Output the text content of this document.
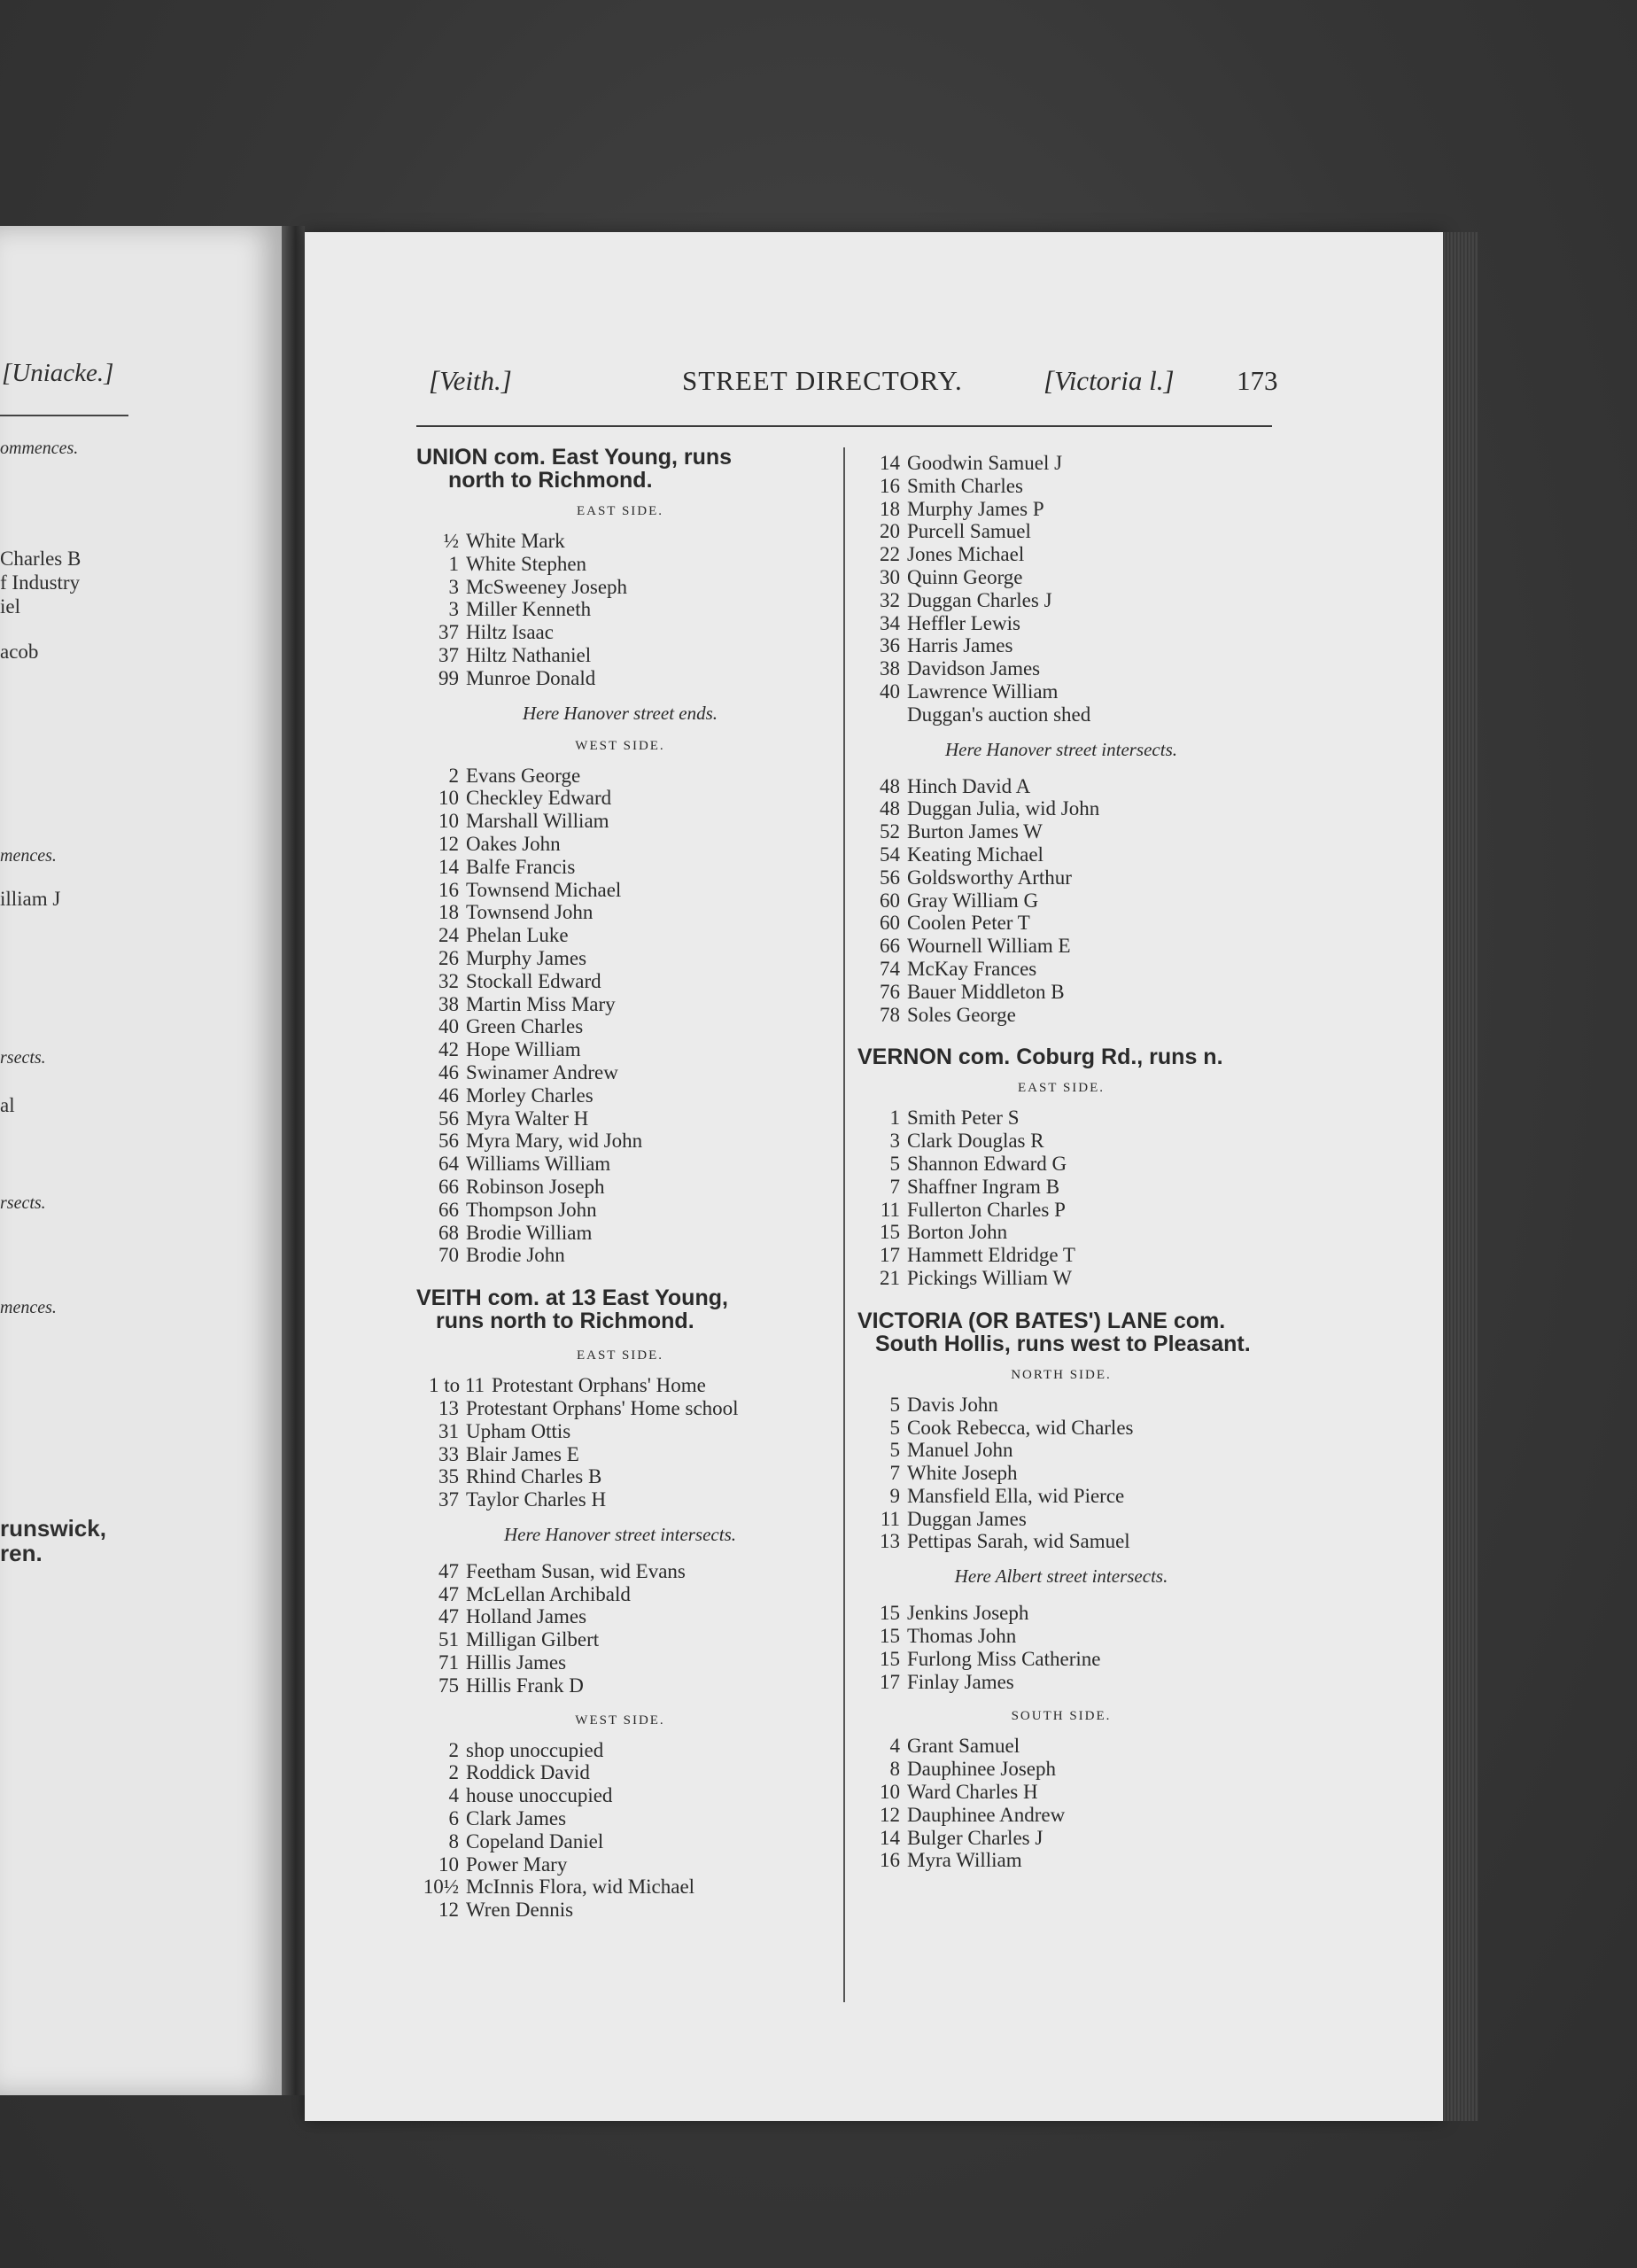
[Uniacke.]
ommences.
Charles B
f Industry
iel
acob
mences.
illiam J
rsects.
al
rsects.
mences.
runswick,
ren.
[Veith.]	STREET DIRECTORY.	[Victoria l.] 173
UNION com. East Young, runs
north to Richmond.
EAST SIDE.
½ White Mark
1 White Stephen
3 McSweeney Joseph
3 Miller Kenneth
37 Hiltz Isaac
37 Hiltz Nathaniel
99 Munroe Donald
Here Hanover street ends.
WEST SIDE.
2 Evans George
10 Checkley Edward
10 Marshall William
12 Oakes John
14 Balfe Francis
16 Townsend Michael
18 Townsend John
24 Phelan Luke
26 Murphy James
32 Stockall Edward
38 Martin Miss Mary
40 Green Charles
42 Hope William
46 Swinamer Andrew
46 Morley Charles
56 Myra Walter H
56 Myra Mary, wid John
64 Williams William
66 Robinson Joseph
66 Thompson John
68 Brodie William
70 Brodie John
VEITH com. at 13 East Young,
runs north to Richmond.
EAST SIDE.
1 to 11 Protestant Orphans' Home
13 Protestant Orphans' Home school
31 Upham Ottis
33 Blair James E
35 Rhind Charles B
37 Taylor Charles H
Here Hanover street intersects.
47 Feetham Susan, wid Evans
47 McLellan Archibald
47 Holland James
51 Milligan Gilbert
71 Hillis James
75 Hillis Frank D
WEST SIDE.
2 shop unoccupied
2 Roddick David
4 house unoccupied
6 Clark James
8 Copeland Daniel
10 Power Mary
10½ McInnis Flora, wid Michael
12 Wren Dennis
14 Goodwin Samuel J
16 Smith Charles
18 Murphy James P
20 Purcell Samuel
22 Jones Michael
30 Quinn George
32 Duggan Charles J
34 Heffler Lewis
36 Harris James
38 Davidson James
40 Lawrence William
Duggan's auction shed
Here Hanover street intersects.
48 Hinch David A
48 Duggan Julia, wid John
52 Burton James W
54 Keating Michael
56 Goldsworthy Arthur
60 Gray William G
60 Coolen Peter T
66 Wournell William E
74 McKay Frances
76 Bauer Middleton B
78 Soles George
VERNON com. Coburg Rd., runs n.
EAST SIDE.
1 Smith Peter S
3 Clark Douglas R
5 Shannon Edward G
7 Shaffner Ingram B
11 Fullerton Charles P
15 Borton John
17 Hammett Eldridge T
21 Pickings William W
VICTORIA (OR BATES') LANE com.
South Hollis, runs west to Pleasant.
NORTH SIDE.
5 Davis John
5 Cook Rebecca, wid Charles
5 Manuel John
7 White Joseph
9 Mansfield Ella, wid Pierce
11 Duggan James
13 Pettipas Sarah, wid Samuel
Here Albert street intersects.
15 Jenkins Joseph
15 Thomas John
15 Furlong Miss Catherine
17 Finlay James
SOUTH SIDE.
4 Grant Samuel
8 Dauphinee Joseph
10 Ward Charles H
12 Dauphinee Andrew
14 Bulger Charles J
16 Myra William
